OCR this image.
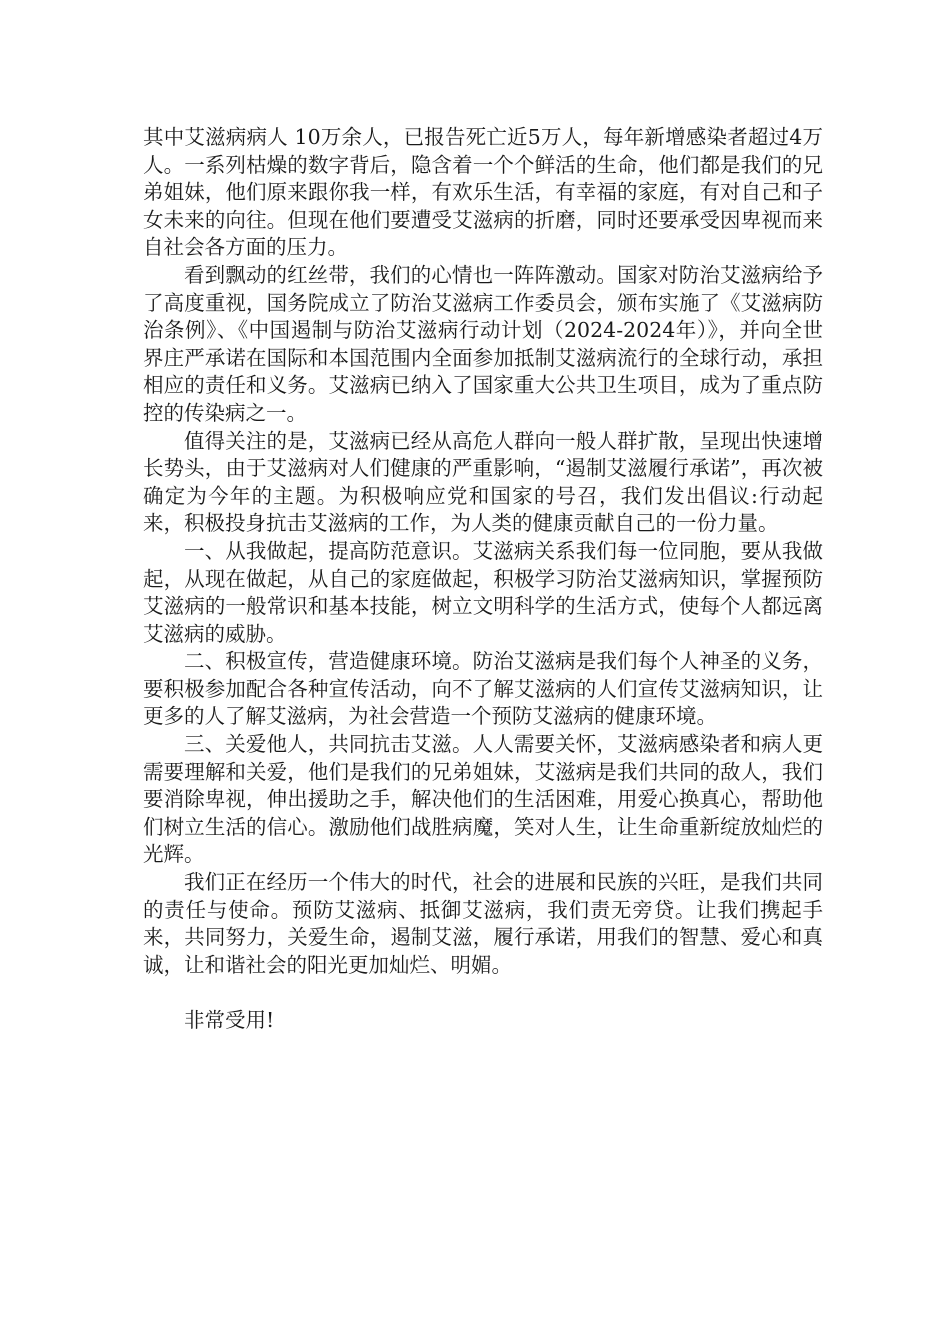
其中艾滋病病人 10万余人，已报告死亡近5万人，每年新增感染者超过4万人。一系列枯燥的数字背后，隐含着一个个鲜活的生命，他们都是我们的兄弟姐妹，他们原来跟你我一样，有欢乐生活，有幸福的家庭，有对自己和子女未来的向往。但现在他们要遭受艾滋病的折磨，同时还要承受因卑视而来自社会各方面的压力。

看到飘动的红丝带，我们的心情也一阵阵激动。国家对防治艾滋病给予了高度重视，国务院成立了防治艾滋病工作委员会，颁布实施了《艾滋病防治条例》、《中国遏制与防治艾滋病行动计划（2024-2024年）》，并向全世界庄严承诺在国际和本国范围内全面参加抵制艾滋病流行的全球行动，承担相应的责任和义务。艾滋病已纳入了国家重大公共卫生项目，成为了重点防控的传染病之一。

值得关注的是，艾滋病已经从高危人群向一般人群扩散，呈现出快速增长势头，由于艾滋病对人们健康的严重影响，“遏制艾滋履行承诺”，再次被确定为今年的主题。为积极响应党和国家的号召，我们发出倡议:行动起来，积极投身抗击艾滋病的工作，为人类的健康贡献自己的一份力量。

一、从我做起，提高防范意识。艾滋病关系我们每一位同胞，要从我做起，从现在做起，从自己的家庭做起，积极学习防治艾滋病知识，掌握预防艾滋病的一般常识和基本技能，树立文明科学的生活方式，使每个人都远离艾滋病的威胁。

二、积极宣传，营造健康环境。防治艾滋病是我们每个人神圣的义务，要积极参加配合各种宣传活动，向不了解艾滋病的人们宣传艾滋病知识，让更多的人了解艾滋病，为社会营造一个预防艾滋病的健康环境。

三、关爱他人，共同抗击艾滋。人人需要关怀，艾滋病感染者和病人更需要理解和关爱，他们是我们的兄弟姐妹，艾滋病是我们共同的敌人，我们要消除卑视，伸出援助之手，解决他们的生活困难，用爱心换真心，帮助他们树立生活的信心。激励他们战胜病魔，笑对人生，让生命重新绽放灿烂的光辉。

我们正在经历一个伟大的时代，社会的进展和民族的兴旺，是我们共同的责任与使命。预防艾滋病、抵御艾滋病，我们责无旁贷。让我们携起手来，共同努力，关爱生命，遏制艾滋，履行承诺，用我们的智慧、爱心和真诚，让和谐社会的阳光更加灿烂、明媚。

非常受用!
